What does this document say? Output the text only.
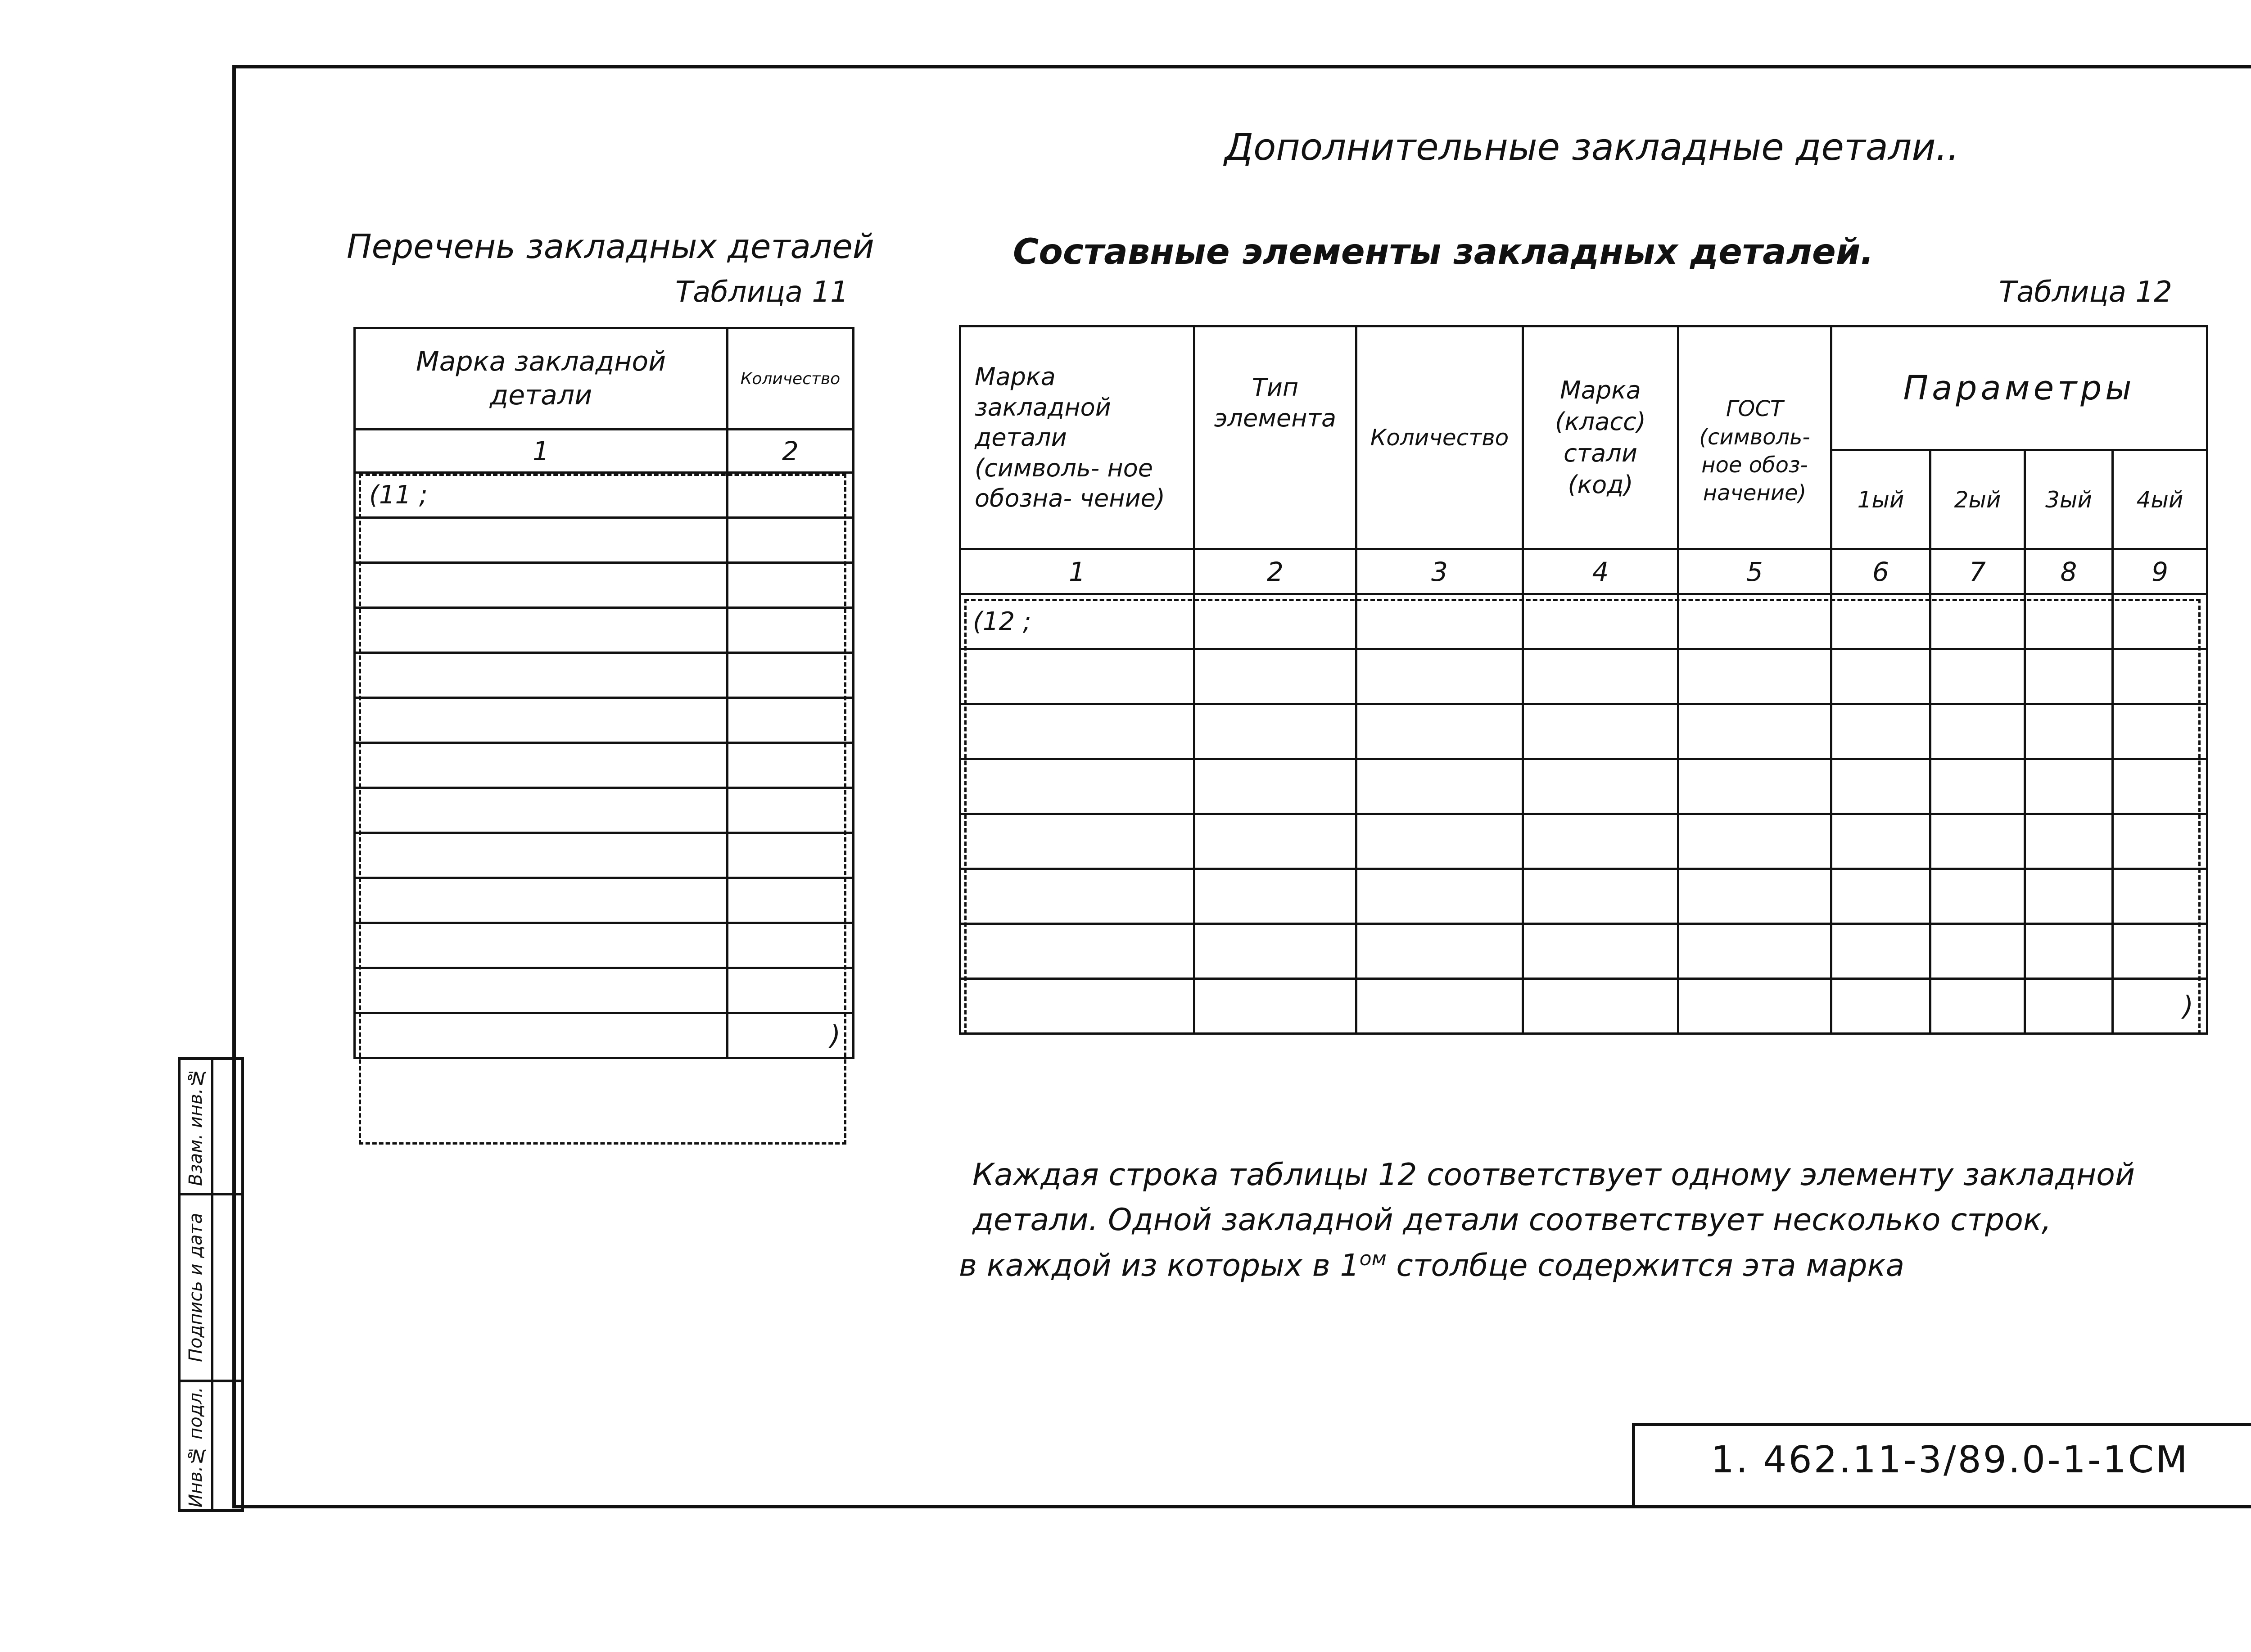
Дополнительные закладные детали..
Перечень закладных деталей
Таблица 11
Марка закладной детали	Количество
1	2
(11 ;	

	)
Составные элементы закладных деталей.
Таблица 12
Марка закладной детали (символь- ное обозна- чение)	Тип элемента	Количество	Марка (класс) стали (код)	ГОСТ (символь- ное обоз- начение)	Параметры			
					1ый	2ый	3ый	4ый
1	2	3	4	5	6	7	8	9
(12 ;								

								)
Каждая строка таблицы 12 соответствует одному элементу закладной
детали. Одной закладной детали соответствует несколько строк,
в каждой из которых в $1^{ом}$ столбце содержится эта марка
Взам. инв.№
Подпись и дата
Инв.№ подл.	1. 462.11-3/89.0-1-1СМ
